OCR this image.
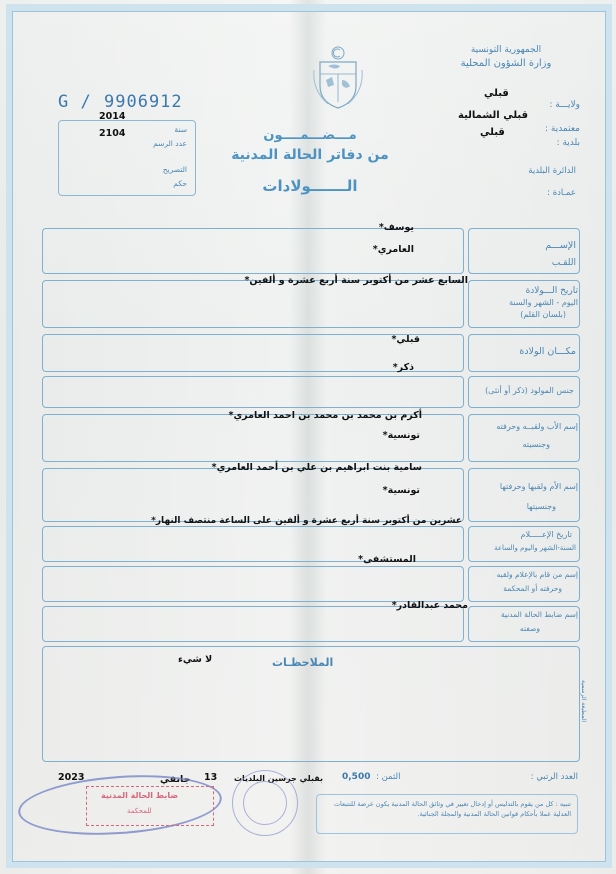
الجمهورية التونسية
وزارة الشؤون المحلية
قبلي
ولايـــة :
قبلي الشمالية
معتمدية :
قبلي
بلدية :
الدائرة البلدية
عمـادة :
G / 9906912
2014
2104	سنة
عدد الرسم
التصريح
حكم
مـــضـــمــــون
من دفاتر الحالة المدنية
الـــــــولادات
الإســـم
اللقـب
يوسف*
العامري*
تاريخ الـــولادة
اليوم - الشهر والسنة
(بلسان القلم)
السابع عشر من أكتوبر سنة أربع عشرة و ألفين*
مكـــان الولادة
قبلي*
جنس المولود (ذكر أو أنثى)
ذكر*
إسم الأب ولقبــه وحرفته
وجنسيته
أكرم بن محمد بن محمد بن احمد العامري*
تونسية*
إسم الأم ولقبها وحرفتها
وجنسيتها
سامية بنت ابراهيم بن علي بن أحمد العامري*
تونسية*
تاريخ الإعـــــلام
السنة-الشهر واليوم والساعة
عشرين من أكتوبر سنة أربع عشرة و ألفين على الساعة منتصف النهار*
إسم من قام بالإعلام ولقبه
وحرفته أو المحكمة
المستشفى*
إسم ضابط الحالة المدنية
وصفته
محمد عبدالقادر*
الملاحظـات
لا شيء
المطبعة الرسمية
العدد الرتبي :
الثمن :
0,500
بقبلي جرسين البلديات
13
جانفي
2023
تنبيه : كل من يقوم بالتدليس أو إدخال تغيير في وثائق الحالة المدنية يكون عرضة للتتبعات العدلية عملا بأحكام قوانين الحالة المدنية والمجلة الجنائية.
ضابط الحالة المدنية
للمحكمة
